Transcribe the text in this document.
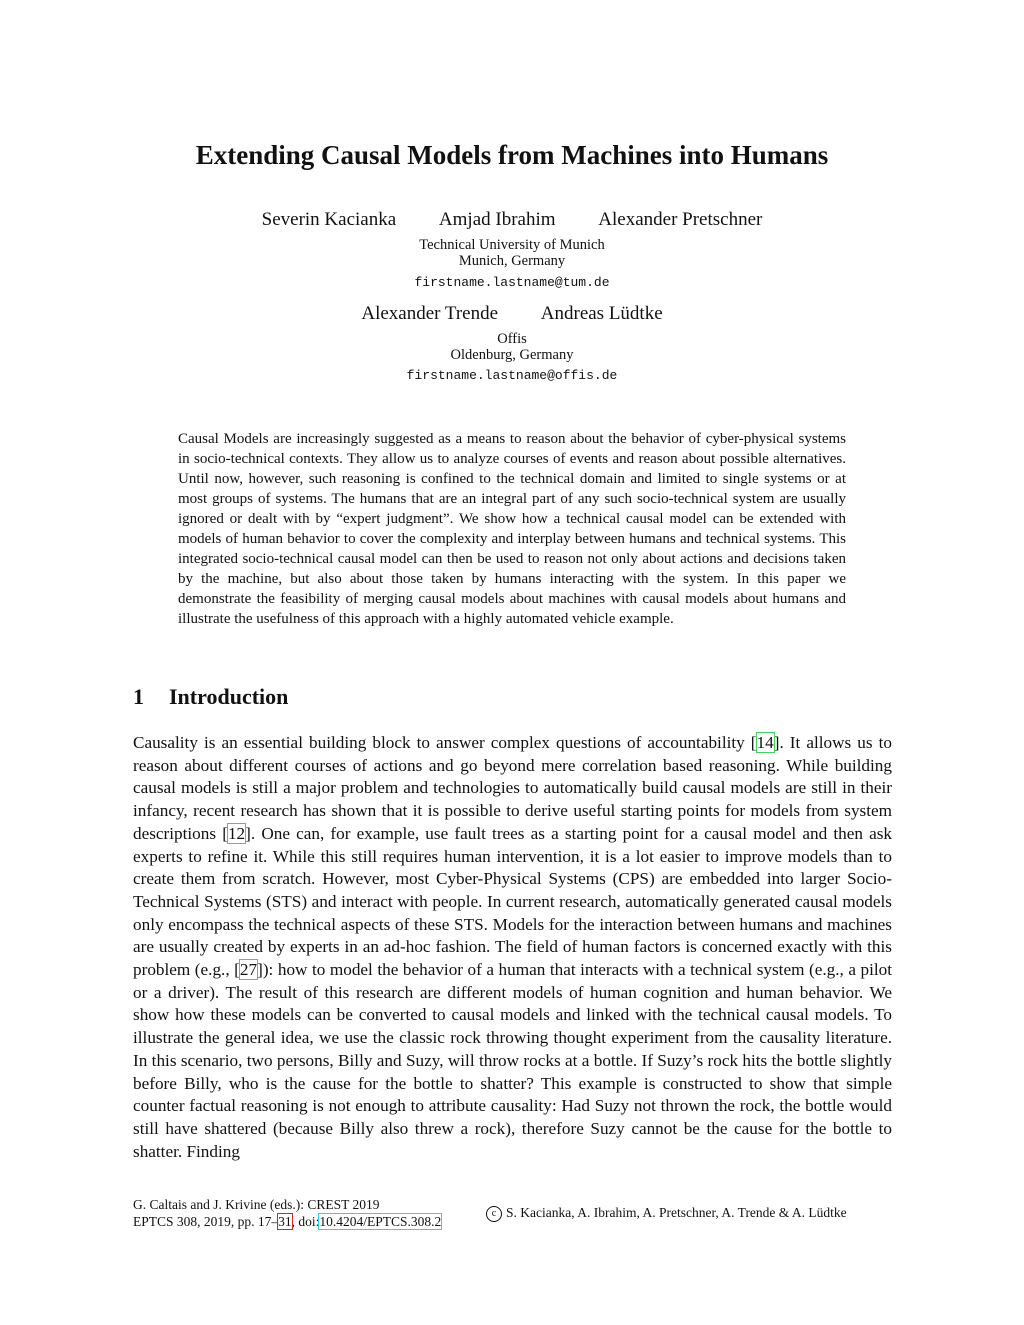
Extending Causal Models from Machines into Humans
Severin Kacianka Amjad Ibrahim Alexander Pretschner
Technical University of Munich
Munich, Germany
firstname.lastname@tum.de
Alexander Trende Andreas Lüdtke
Offis
Oldenburg, Germany
firstname.lastname@offis.de

Causal Models are increasingly suggested as a means to reason about the behavior of cyber-physical systems in socio-technical contexts. They allow us to analyze courses of events and reason about possible alternatives. Until now, however, such reasoning is confined to the technical domain and limited to single systems or at most groups of systems. The humans that are an integral part of any such socio-technical system are usually ignored or dealt with by “expert judgment”. We show how a technical causal model can be extended with models of human behavior to cover the complexity and interplay between humans and technical systems. This integrated socio-technical causal model can then be used to reason not only about actions and decisions taken by the machine, but also about those taken by humans interacting with the system. In this paper we demonstrate the feasibility of merging causal models about machines with causal models about humans and illustrate the usefulness of this approach with a highly automated vehicle example.

1 Introduction

Causality is an essential building block to answer complex questions of accountability [14]. It allows us to reason about different courses of actions and go beyond mere correlation based reasoning. While building causal models is still a major problem and technologies to automatically build causal models are still in their infancy, recent research has shown that it is possible to derive useful starting points for models from system descriptions [12]. One can, for example, use fault trees as a starting point for a causal model and then ask experts to refine it. While this still requires human intervention, it is a lot easier to improve models than to create them from scratch. However, most Cyber-Physical Systems (CPS) are embedded into larger Socio-Technical Systems (STS) and interact with people. In current research, automatically generated causal models only encompass the technical aspects of these STS. Models for the interaction between humans and machines are usually created by experts in an ad-hoc fashion. The field of human factors is concerned exactly with this problem (e.g., [27]): how to model the behavior of a human that interacts with a technical system (e.g., a pilot or a driver). The result of this research are different models of human cognition and human behavior. We show how these models can be converted to causal models and linked with the technical causal models. To illustrate the general idea, we use the classic rock throwing thought experiment from the causality literature. In this scenario, two persons, Billy and Suzy, will throw rocks at a bottle. If Suzy’s rock hits the bottle slightly before Billy, who is the cause for the bottle to shatter? This example is constructed to show that simple counter factual reasoning is not enough to attribute causality: Had Suzy not thrown the rock, the bottle would still have shattered (because Billy also threw a rock), therefore Suzy cannot be the cause for the bottle to shatter. Finding

G. Caltais and J. Krivine (eds.): CREST 2019
EPTCS 308, 2019, pp. 17–31, doi:10.4204/EPTCS.308.2
c S. Kacianka, A. Ibrahim, A. Pretschner, A. Trende & A. Lüdtke
